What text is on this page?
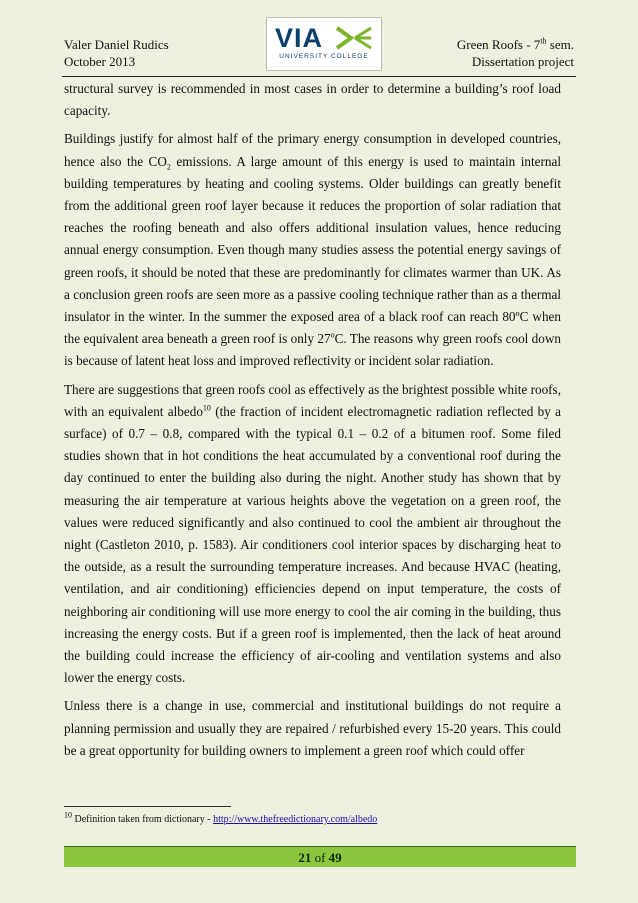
Valer Daniel Rudics
October 2013
VIA
UNIVERSITY COLLEGE
Green Roofs - 7th sem.
Dissertation project

structural survey is recommended in most cases in order to determine a building’s roof load capacity.

Buildings justify for almost half of the primary energy consumption in developed countries, hence also the $CO_2$ emissions. A large amount of this energy is used to maintain internal building temperatures by heating and cooling systems. Older buildings can greatly benefit from the additional green roof layer because it reduces the proportion of solar radiation that reaches the roofing beneath and also offers additional insulation values, hence reducing annual energy consumption. Even though many studies assess the potential energy savings of green roofs, it should be noted that these are predominantly for climates warmer than UK. As a conclusion green roofs are seen more as a passive cooling technique rather than as a thermal insulator in the winter. In the summer the exposed area of a black roof can reach 80ºC when the equivalent area beneath a green roof is only 27$^o$C. The reasons why green roofs cool down is because of latent heat loss and improved reflectivity or incident solar radiation.

There are suggestions that green roofs cool as effectively as the brightest possible white roofs, with an equivalent albedo$^{10}$ (the fraction of incident electromagnetic radiation reflected by a surface) of 0.7 – 0.8, compared with the typical 0.1 – 0.2 of a bitumen roof. Some filed studies shown that in hot conditions the heat accumulated by a conventional roof during the day continued to enter the building also during the night. Another study has shown that by measuring the air temperature at various heights above the vegetation on a green roof, the values were reduced significantly and also continued to cool the ambient air throughout the night (Castleton 2010, p. 1583). Air conditioners cool interior spaces by discharging heat to the outside, as a result the surrounding temperature increases. And because HVAC (heating, ventilation, and air conditioning) efficiencies depend on input temperature, the costs of neighboring air conditioning will use more energy to cool the air coming in the building, thus increasing the energy costs. But if a green roof is implemented, then the lack of heat around the building could increase the efficiency of air-cooling and ventilation systems and also lower the energy costs.

Unless there is a change in use, commercial and institutional buildings do not require a planning permission and usually they are repaired / refurbished every 15-20 years. This could be a great opportunity for building owners to implement a green roof which could offer

$^{10}$ Definition taken from dictionary - http://www.thefreedictionary.com/albedo
21 of 49
